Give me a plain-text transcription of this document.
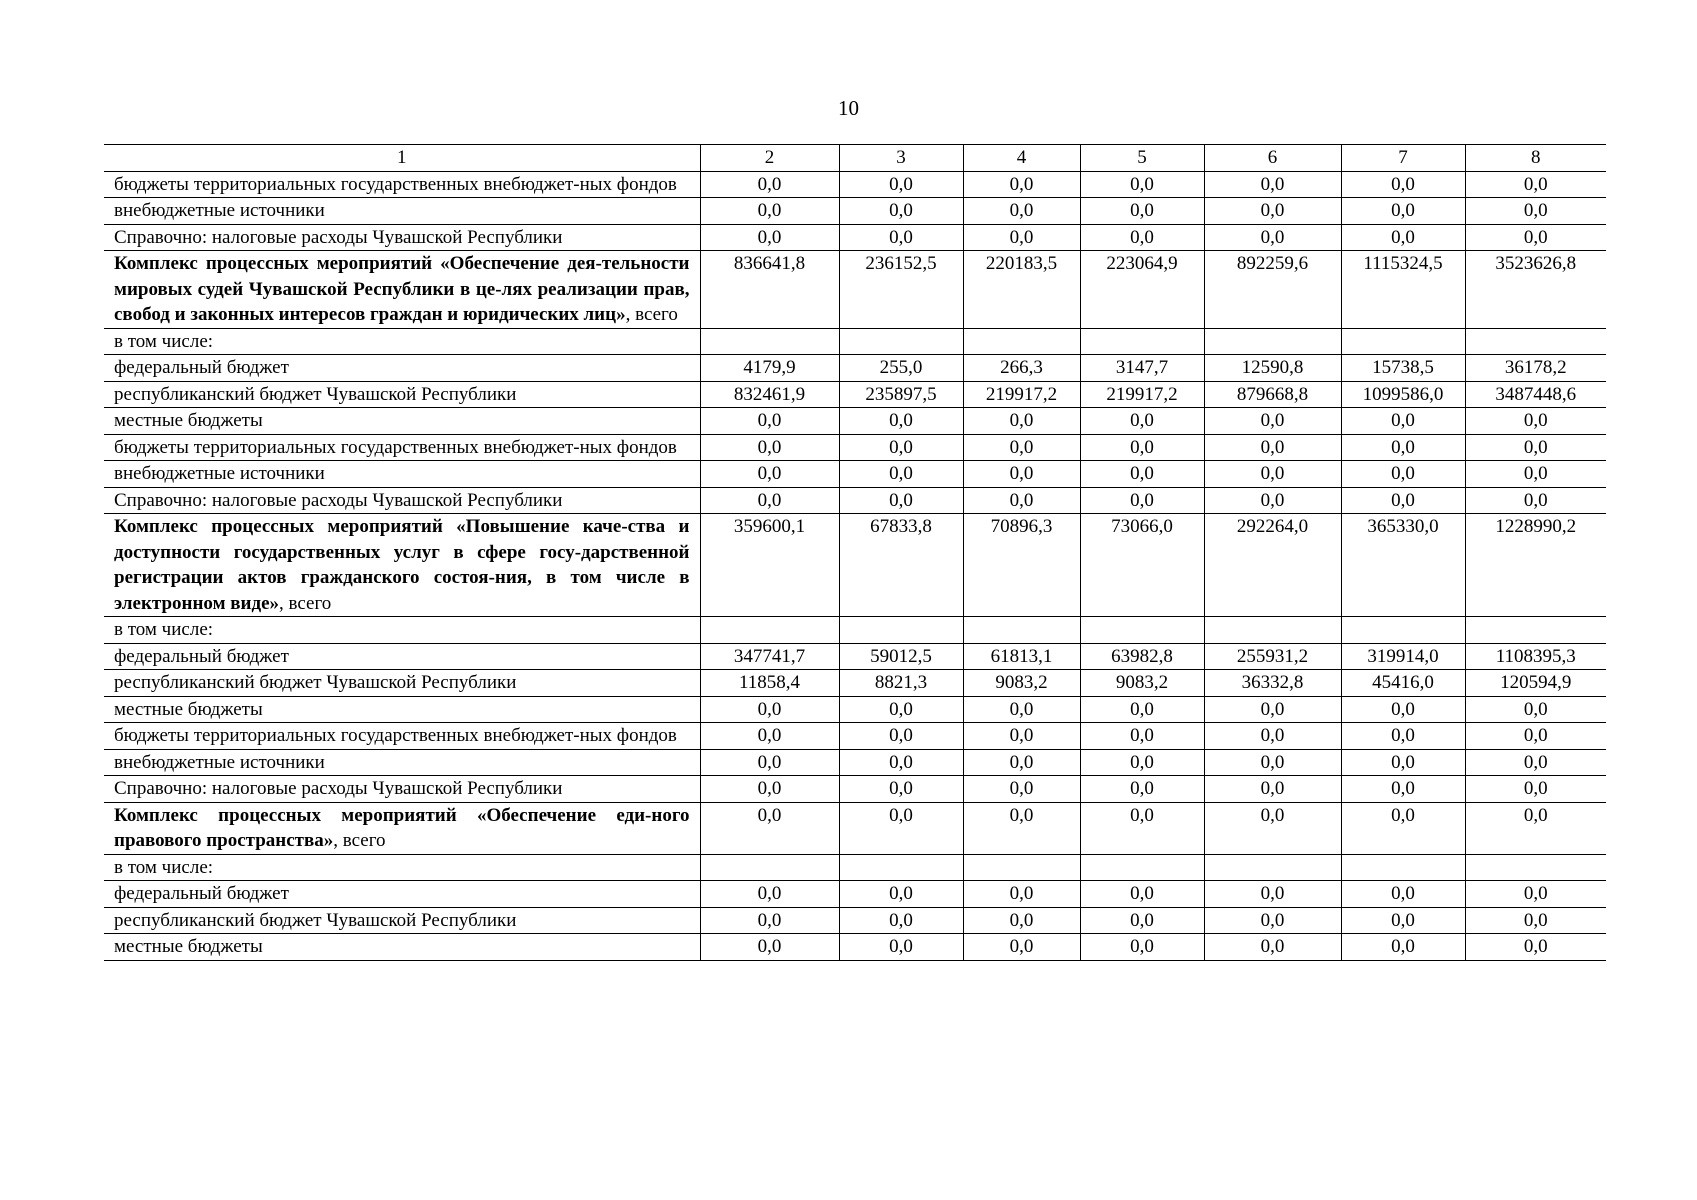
10
1	2	3	4	5	6	7	8
бюджеты территориальных государственных внебюджет-ных фондов	0,0	0,0	0,0	0,0	0,0	0,0	0,0
внебюджетные источники	0,0	0,0	0,0	0,0	0,0	0,0	0,0
Справочно: налоговые расходы Чувашской Республики	0,0	0,0	0,0	0,0	0,0	0,0	0,0
Комплекс процессных мероприятий «Обеспечение дея-тельности мировых судей Чувашской Республики в це-лях реализации прав, свобод и законных интересов граждан и юридических лиц», всего	836641,8	236152,5	220183,5	223064,9	892259,6	1115324,5	3523626,8
в том числе:							
федеральный бюджет	4179,9	255,0	266,3	3147,7	12590,8	15738,5	36178,2
республиканский бюджет Чувашской Республики	832461,9	235897,5	219917,2	219917,2	879668,8	1099586,0	3487448,6
местные бюджеты	0,0	0,0	0,0	0,0	0,0	0,0	0,0
бюджеты территориальных государственных внебюджет-ных фондов	0,0	0,0	0,0	0,0	0,0	0,0	0,0
внебюджетные источники	0,0	0,0	0,0	0,0	0,0	0,0	0,0
Справочно: налоговые расходы Чувашской Республики	0,0	0,0	0,0	0,0	0,0	0,0	0,0
Комплекс процессных мероприятий «Повышение каче-ства и доступности государственных услуг в сфере госу-дарственной регистрации актов гражданского состоя-ния, в том числе в электронном виде», всего	359600,1	67833,8	70896,3	73066,0	292264,0	365330,0	1228990,2
в том числе:							
федеральный бюджет	347741,7	59012,5	61813,1	63982,8	255931,2	319914,0	1108395,3
республиканский бюджет Чувашской Республики	11858,4	8821,3	9083,2	9083,2	36332,8	45416,0	120594,9
местные бюджеты	0,0	0,0	0,0	0,0	0,0	0,0	0,0
бюджеты территориальных государственных внебюджет-ных фондов	0,0	0,0	0,0	0,0	0,0	0,0	0,0
внебюджетные источники	0,0	0,0	0,0	0,0	0,0	0,0	0,0
Справочно: налоговые расходы Чувашской Республики	0,0	0,0	0,0	0,0	0,0	0,0	0,0
Комплекс процессных мероприятий «Обеспечение еди-ного правового пространства», всего	0,0	0,0	0,0	0,0	0,0	0,0	0,0
в том числе:							
федеральный бюджет	0,0	0,0	0,0	0,0	0,0	0,0	0,0
республиканский бюджет Чувашской Республики	0,0	0,0	0,0	0,0	0,0	0,0	0,0
местные бюджеты	0,0	0,0	0,0	0,0	0,0	0,0	0,0
